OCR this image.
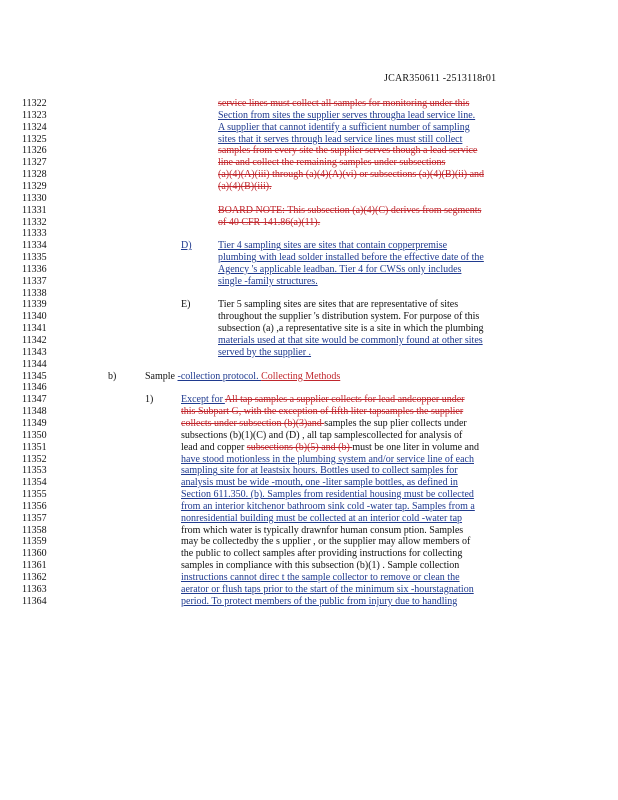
JCAR350611 -2513118r01
11322	service lines must collect all samples for monitoring under this
11323	Section from sites the supplier serves througha lead service line.
11324	A supplier that cannot identify a sufficient number of sampling
11325	sites that it serves through lead service lines must still collect
11326	samples from every site the supplier serves though a lead service
11327	line and collect the remaining samples under subsections
11328	(a)(4)(A)(iii) through (a)(4)(A)(vi) or subsections (a)(4)(B)(ii) and
11329	(a)(4)(B)(iii).
11330
11331	BOARD NOTE: This subsection (a)(4)(C) derives from segments
11332	of 40 CFR 141.86(a)(11).
11333
11334	D)	Tier 4 sampling sites are sites that contain copperpremise
11335	plumbing with lead solder installed before the effective date of the
11336	Agency 's applicable leadban. Tier 4 for CWSs only includes
11337	single -family structures.
11338
11339	E)	Tier 5 sampling sites are sites that are representative of sites
11340	throughout the supplier 's distribution system. For purpose of this
11341	subsection (a) ,a representative site is a site in which the plumbing
11342	materials used at that site would be commonly found at other sites
11343	served by the supplier .
11344
11345	b)	Sample -collection protocol. Collecting Methods
11346
11347	1)	Except for All tap samples a supplier collects for lead andcopper under
11348	this Subpart G, with the exception of fifth liter tapsamples the supplier
11349	collects under subsection (b)(3)and samples the sup plier collects under
11350	subsections (b)(1)(C) and (D) , all tap samplescollected for analysis of
11351	lead and copper subsections (b)(5) and (b) must be one liter in volume and
11352	have stood motionless in the plumbing system and/or service line of each
11353	sampling site for at leastsix hours. Bottles used to collect samples for
11354	analysis must be wide -mouth, one -liter sample bottles, as defined in
11355	Section 611.350. (b). Samples from residential housing must be collected
11356	from an interior kitchenor bathroom sink cold -water tap. Samples from a
11357	nonresidential building must be collected at an interior cold -water tap
11358	from which water is typically drawnfor human consum ption. Samples
11359	may be collectedby the s upplier , or the supplier may allow members of
11360	the public to collect samples after providing instructions for collecting
11361	samples in compliance with this subsection (b)(1) . Sample collection
11362	instructions cannot direc t the sample collector to remove or clean the
11363	aerator or flush taps prior to the start of the minimum six -hourstagnation
11364	period. To protect members of the public from injury due to handling
